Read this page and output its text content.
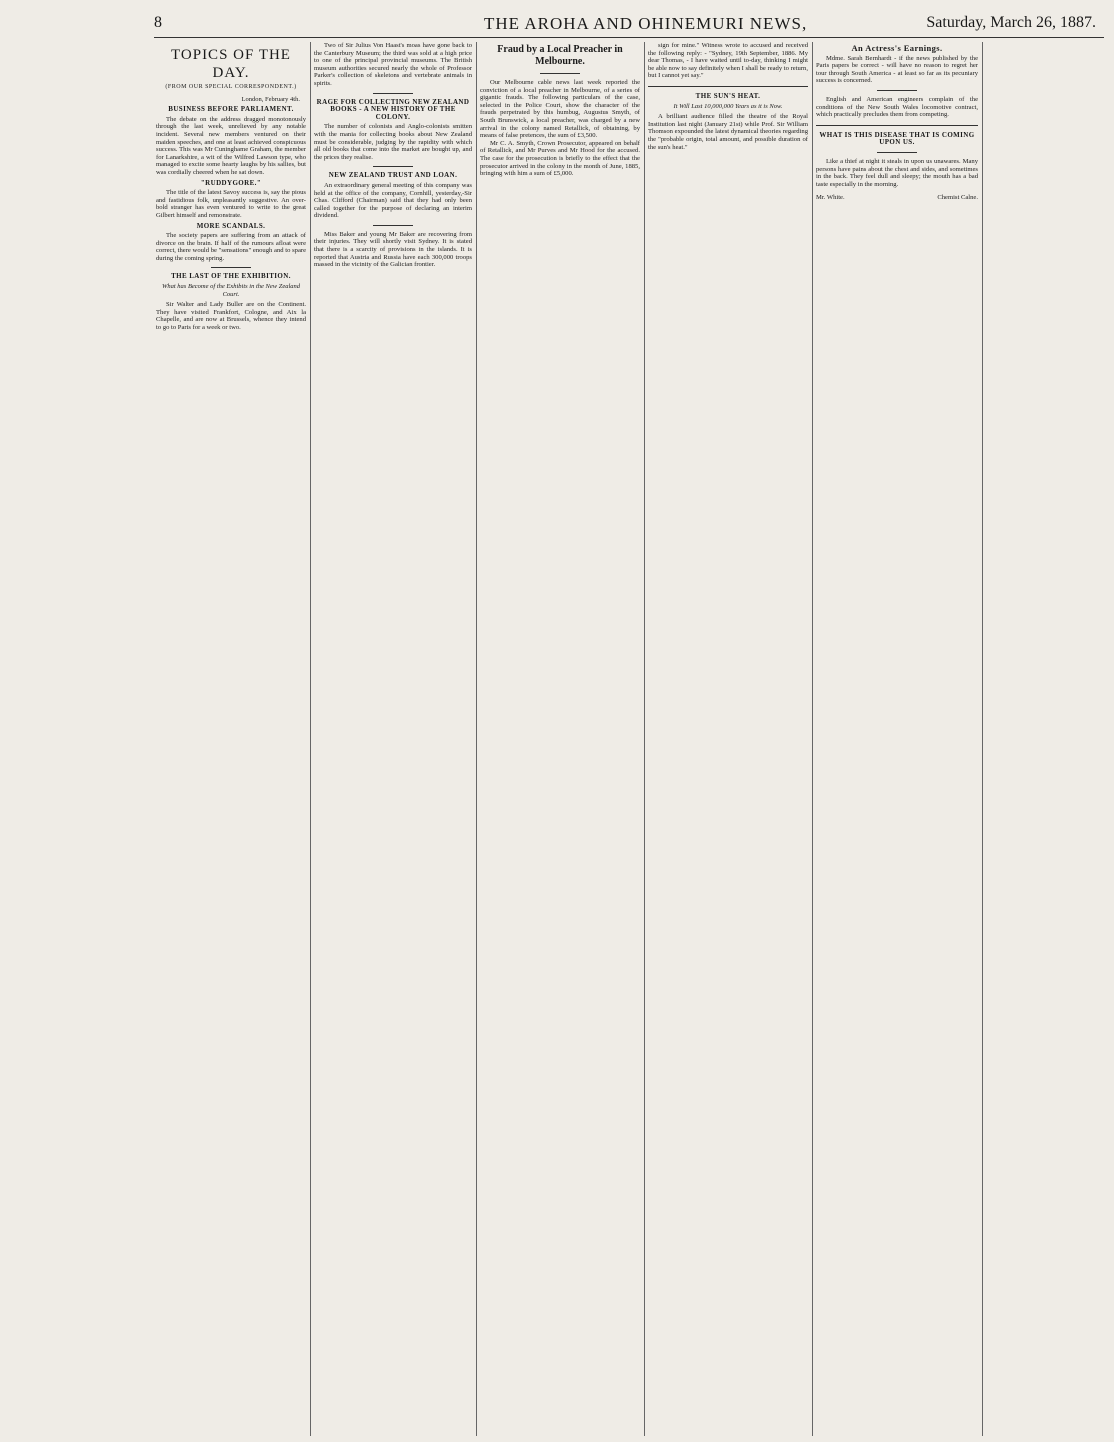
8	THE AROHA AND OHINEMURI NEWS,	Saturday, March 26, 1887.
TOPICS OF THE DAY.
(FROM OUR SPECIAL CORRESPONDENT.)
London, February 4th.
BUSINESS BEFORE PARLIAMENT.

The debate on the address dragged monotonously through the last week, unrelieved by any notable incident. Several new members ventured on their maiden speeches, and one at least achieved conspicuous success. This was Mr Cuninghame Graham, the member for Lanarkshire, a wit of the Wilfred Lawson type, who managed to excite some hearty laughs by his sallies, but was cordially cheered when he sat down.

"RUDDYGORE."

The title of the latest Savoy success is, say the pious and fastidious folk, unpleasantly suggestive. An over-bold stranger has even ventured to write to the great Gilbert himself and remonstrate.

MORE SCANDALS.

The society papers are suffering from an attack of divorce on the brain. If half of the rumours afloat were correct, there would be "sensations" enough and to spare during the coming spring.

THE LAST OF THE EXHIBITION.
What has Become of the Exhibits in the New Zealand Court.

Sir Walter and Lady Buller are on the Continent. They have visited Frankfort, Cologne, and Aix la Chapelle, and are now at Brussels, whence they intend to go to Paris for a week or two.

Two of Sir Julius Von Haast's moas have gone back to the Canterbury Museum; the third was sold at a high price to one of the principal provincial museums. The British museum authorities secured nearly the whole of Professor Parker's collection of skeletons and vertebrate animals in spirits.

RAGE FOR COLLECTING NEW ZEALAND BOOKS - A NEW HISTORY OF THE COLONY.

The number of colonists and Anglo-colonists smitten with the mania for collecting books about New Zealand must be considerable, judging by the rapidity with which all old books that come into the market are bought up, and the prices they realise.

NEW ZEALAND TRUST AND LOAN.

An extraordinary general meeting of this company was held at the office of the company, Cornhill, yesterday,-Sir Chas. Clifford (Chairman) said that they had only been called together for the purpose of declaring an interim dividend.

Miss Baker and young Mr Baker are recovering from their injuries. They will shortly visit Sydney. It is stated that there is a scarcity of provisions in the islands. It is reported that Austria and Russia have each 300,000 troops massed in the vicinity of the Galician frontier.

Fraud by a Local Preacher in Melbourne.

Our Melbourne cable news last week reported the conviction of a local preacher in Melbourne, of a series of gigantic frauds. The following particulars of the case, selected in the Police Court, show the character of the frauds perpetrated by this humbug, Augustus Smyth, of South Brunswick, a local preacher, was charged by a new arrival in the colony named Retallick, of obtaining, by means of false pretences, the sum of £3,500.

Mr C. A. Smyth, Crown Prosecutor, appeared on behalf of Retallick, and Mr Purves and Mr Hood for the accused. The case for the prosecution is briefly to the effect that the prosecutor arrived in the colony in the month of June, 1885, bringing with him a sum of £5,000.

sign for mine." Witness wrote to accused and received the following reply: - "Sydney, 19th September, 1886. My dear Thomas, - I have waited until to-day, thinking I might be able now to say definitely when I shall be ready to return, but I cannot yet say."

THE SUN'S HEAT.
It Will Last 10,000,000 Years as it is Now.

A brilliant audience filled the theatre of the Royal Institution last night (January 21st) while Prof. Sir William Thomson expounded the latest dynamical theories regarding the "probable origin, total amount, and possible duration of the sun's heat."

An Actress's Earnings.

Mdme. Sarah Bernhardt - if the news published by the Paris papers be correct - will have no reason to regret her tour through South America - at least so far as its pecuniary success is concerned.

English and American engineers complain of the conditions of the New South Wales locomotive contract, which practically precludes them from competing.

WHAT IS THIS DISEASE THAT IS COMING UPON US.

Like a thief at night it steals in upon us unawares. Many persons have pains about the chest and sides, and sometimes in the back. They feel dull and sleepy; the mouth has a bad taste especially in the morning.

Mr. White.	Chemist Calne.
